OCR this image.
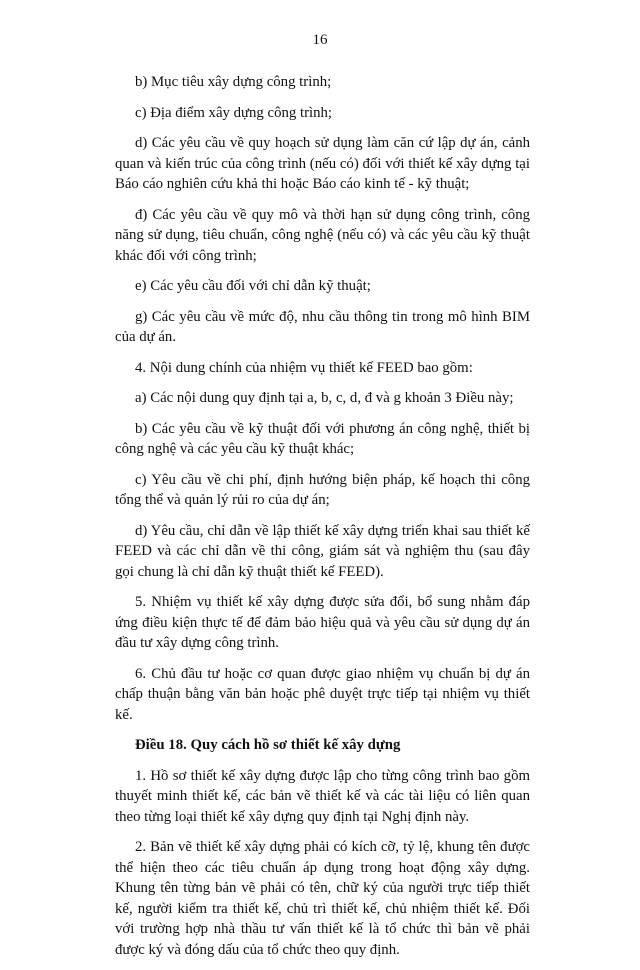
16

b) Mục tiêu xây dựng công trình;

c) Địa điểm xây dựng công trình;

d) Các yêu cầu về quy hoạch sử dụng làm căn cứ lập dự án, cảnh quan và kiến trúc của công trình (nếu có) đối với thiết kế xây dựng tại Báo cáo nghiên cứu khả thi hoặc Báo cáo kinh tế - kỹ thuật;

đ) Các yêu cầu về quy mô và thời hạn sử dụng công trình, công năng sử dụng, tiêu chuẩn, công nghệ (nếu có) và các yêu cầu kỹ thuật khác đối với công trình;

e) Các yêu cầu đối với chỉ dẫn kỹ thuật;

g) Các yêu cầu về mức độ, nhu cầu thông tin trong mô hình BIM của dự án.

4. Nội dung chính của nhiệm vụ thiết kế FEED bao gồm:

a) Các nội dung quy định tại a, b, c, d, đ và g khoản 3 Điều này;

b) Các yêu cầu về kỹ thuật đối với phương án công nghệ, thiết bị công nghệ và các yêu cầu kỹ thuật khác;

c) Yêu cầu về chi phí, định hướng biện pháp, kế hoạch thi công tổng thể và quản lý rủi ro của dự án;

d) Yêu cầu, chỉ dẫn về lập thiết kế xây dựng triển khai sau thiết kế FEED và các chỉ dẫn về thi công, giám sát và nghiệm thu (sau đây gọi chung là chỉ dẫn kỹ thuật thiết kế FEED).

5. Nhiệm vụ thiết kế xây dựng được sửa đổi, bổ sung nhằm đáp ứng điều kiện thực tế để đảm bảo hiệu quả và yêu cầu sử dụng dự án đầu tư xây dựng công trình.

6. Chủ đầu tư hoặc cơ quan được giao nhiệm vụ chuẩn bị dự án chấp thuận bằng văn bản hoặc phê duyệt trực tiếp tại nhiệm vụ thiết kế.

Điều 18. Quy cách hồ sơ thiết kế xây dựng

1. Hồ sơ thiết kế xây dựng được lập cho từng công trình bao gồm thuyết minh thiết kế, các bản vẽ thiết kế và các tài liệu có liên quan theo từng loại thiết kế xây dựng quy định tại Nghị định này.

2. Bản vẽ thiết kế xây dựng phải có kích cỡ, tỷ lệ, khung tên được thể hiện theo các tiêu chuẩn áp dụng trong hoạt động xây dựng. Khung tên từng bản vẽ phải có tên, chữ ký của người trực tiếp thiết kế, người kiểm tra thiết kế, chủ trì thiết kế, chủ nhiệm thiết kế. Đối với trường hợp nhà thầu tư vấn thiết kế là tổ chức thì bản vẽ phải được ký và đóng dấu của tổ chức theo quy định.
